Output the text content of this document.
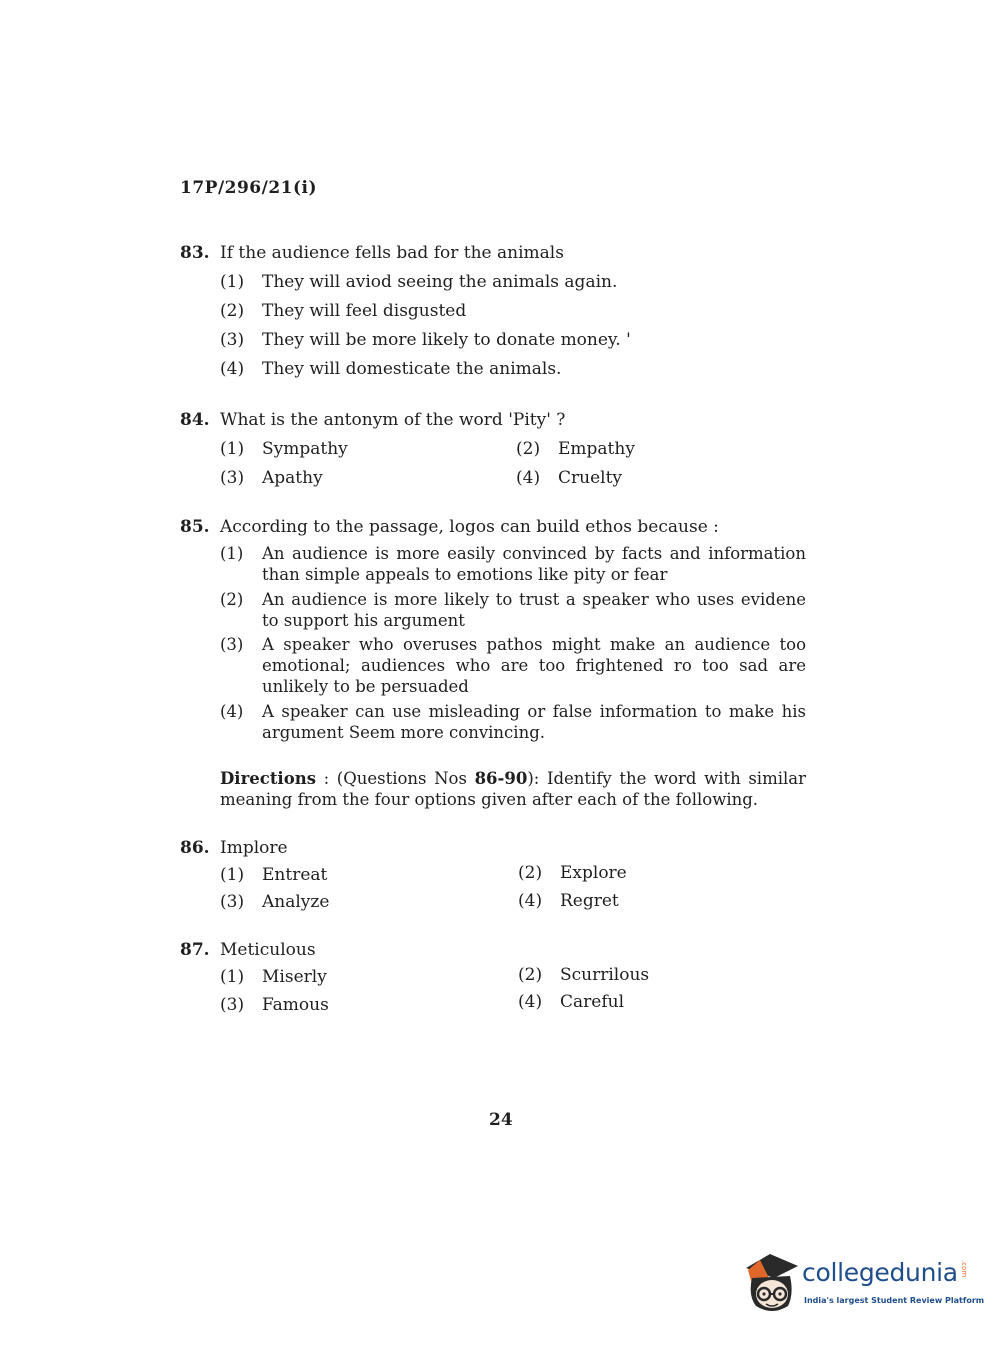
17P/296/21(i)
83. If the audience fells bad for the animals
(1) They will aviod seeing the animals again.
(2) They will feel disgusted
(3) They will be more likely to donate money. '
(4) They will domesticate the animals.
84. What is the antonym of the word 'Pity' ?
(1) Sympathy	(2) Empathy
(3) Apathy	(4) Cruelty
85. According to the passage, logos can build ethos because :
(1) An audience is more easily convinced by facts and information than simple appeals to emotions like pity or fear
(2) An audience is more likely to trust a speaker who uses evidene to support his argument
(3) A speaker who overuses pathos might make an audience too emotional; audiences who are too frightened ro too sad are unlikely to be persuaded
(4) A speaker can use misleading or false information to make his argument Seem more convincing.
Directions : (Questions Nos 86-90): Identify the word with similar meaning from the four options given after each of the following.
86. Implore
(1) Entreat	(2) Explore
(3) Analyze	(4) Regret
87. Meticulous
(1) Miserly	(2) Scurrilous
(3) Famous	(4) Careful
24
collegedunia .com
India's largest Student Review Platform
